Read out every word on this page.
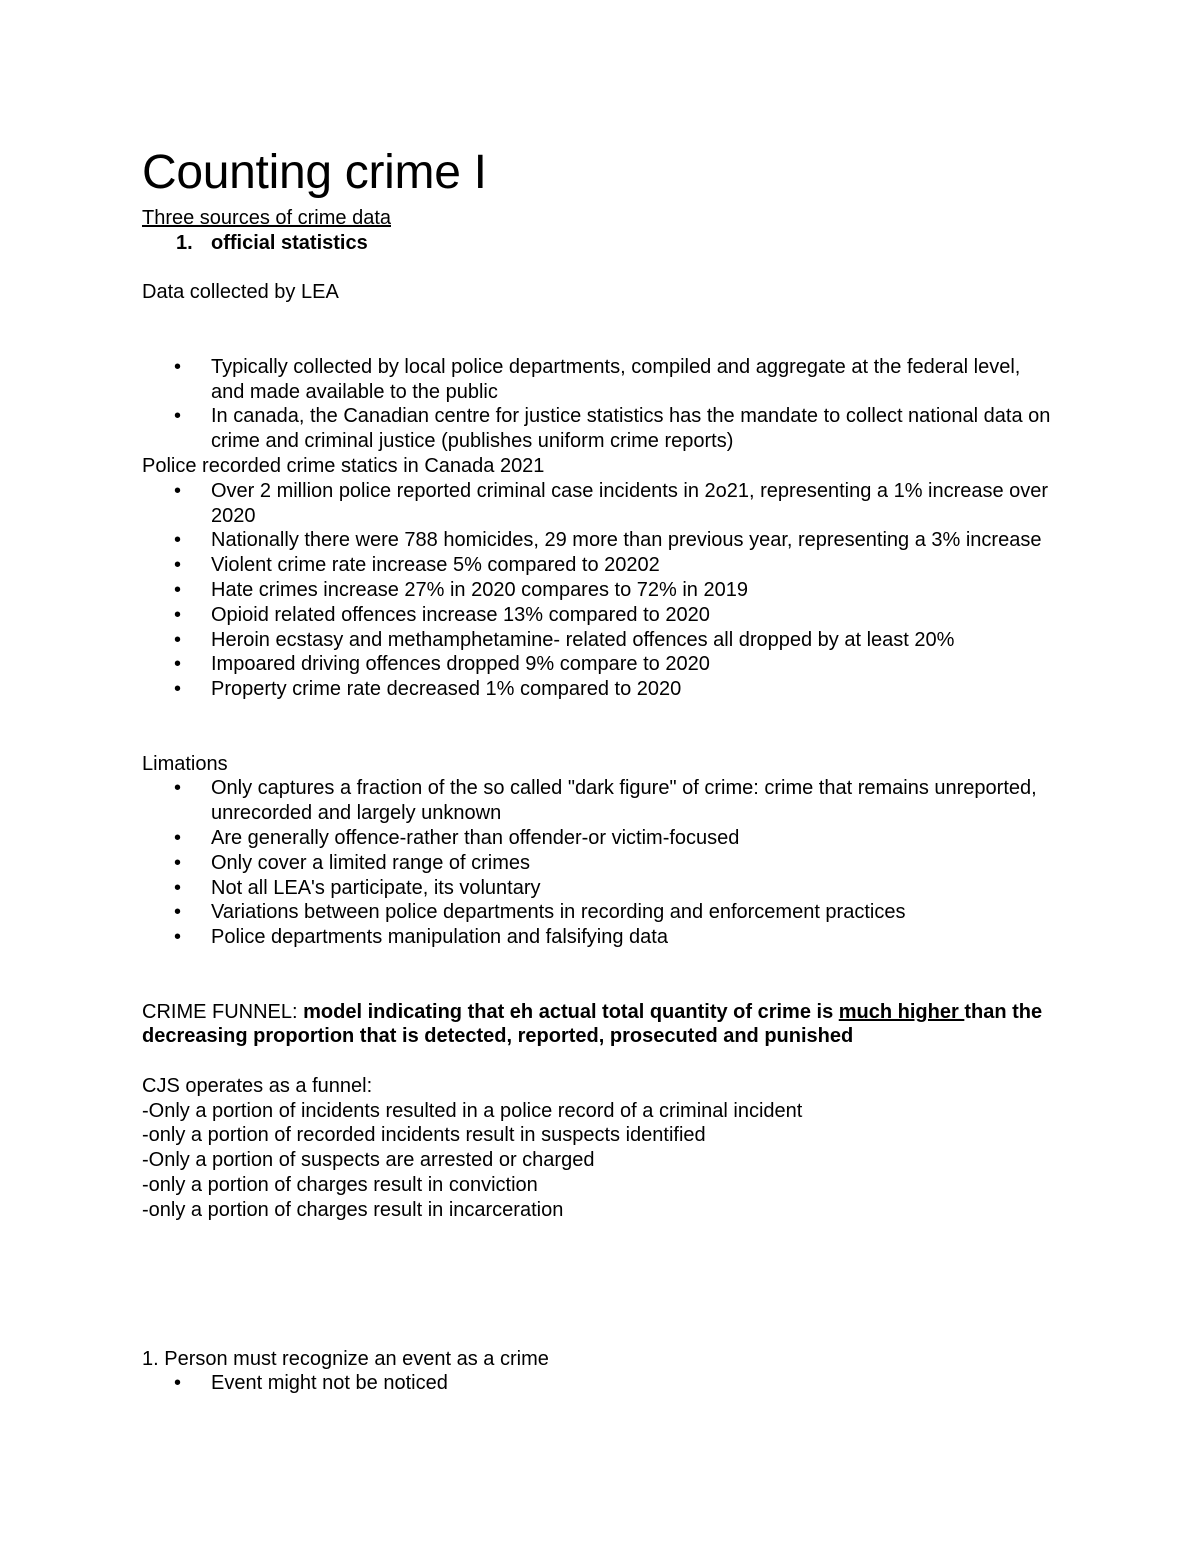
Counting crime I

Three sources of crime data

1. official statistics

Data collected by LEA

• Typically collected by local police departments, compiled and aggregate at the federal level, and made available to the public
• In canada, the Canadian centre for justice statistics has the mandate to collect national data on crime and criminal justice (publishes uniform crime reports)

Police recorded crime statics in Canada 2021

• Over 2 million police reported criminal case incidents in 2o21, representing a 1% increase over 2020
• Nationally there were 788 homicides, 29 more than previous year, representing a 3% increase
• Violent crime rate increase 5% compared to 20202
• Hate crimes increase 27% in 2020 compares to 72% in 2019
• Opioid related offences increase 13% compared to 2020
• Heroin ecstasy and methamphetamine- related offences all dropped by at least 20%
• Impoared driving offences dropped 9% compare to 2020
• Property crime rate decreased 1% compared to 2020

Limations

• Only captures a fraction of the so called "dark figure" of crime: crime that remains unreported, unrecorded and largely unknown
• Are generally offence-rather than offender-or victim-focused
• Only cover a limited range of crimes
• Not all LEA's participate, its voluntary
• Variations between police departments in recording and enforcement practices
• Police departments manipulation and falsifying data

CRIME FUNNEL: model indicating that eh actual total quantity of crime is much higher than the decreasing proportion that is detected, reported, prosecuted and punished

CJS operates as a funnel:

-Only a portion of incidents resulted in a police record of a criminal incident

-only a portion of recorded incidents result in suspects identified

-Only a portion of suspects are arrested or charged

-only a portion of charges result in conviction

-only a portion of charges result in incarceration

1. Person must recognize an event as a crime

• Event might not be noticed
